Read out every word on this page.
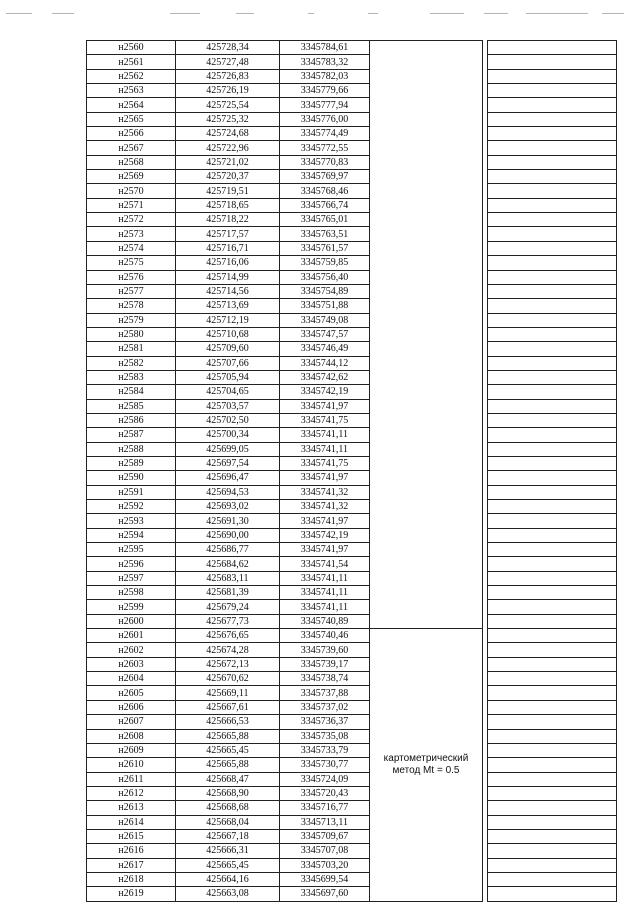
н2560	425728,34	3345784,61			
н2561	425727,48	3345783,32			
н2562	425726,83	3345782,03			
н2563	425726,19	3345779,66			
н2564	425725,54	3345777,94			
н2565	425725,32	3345776,00			
н2566	425724,68	3345774,49			
н2567	425722,96	3345772,55			
н2568	425721,02	3345770,83			
н2569	425720,37	3345769,97			
н2570	425719,51	3345768,46			
н2571	425718,65	3345766,74			
н2572	425718,22	3345765,01			
н2573	425717,57	3345763,51			
н2574	425716,71	3345761,57			
н2575	425716,06	3345759,85			
н2576	425714,99	3345756,40			
н2577	425714,56	3345754,89			
н2578	425713,69	3345751,88			
н2579	425712,19	3345749,08			
н2580	425710,68	3345747,57			
н2581	425709,60	3345746,49			
н2582	425707,66	3345744,12			
н2583	425705,94	3345742,62			
н2584	425704,65	3345742,19			
н2585	425703,57	3345741,97			
н2586	425702,50	3345741,75			
н2587	425700,34	3345741,11			
н2588	425699,05	3345741,11			
н2589	425697,54	3345741,75			
н2590	425696,47	3345741,97			
н2591	425694,53	3345741,32			
н2592	425693,02	3345741,32			
н2593	425691,30	3345741,97			
н2594	425690,00	3345742,19			
н2595	425686,77	3345741,97			
н2596	425684,62	3345741,54			
н2597	425683,11	3345741,11			
н2598	425681,39	3345741,11			
н2599	425679,24	3345741,11			
н2600	425677,73	3345740,89			
н2601	425676,65	3345740,46	картометрический метод Mt = 0.5		
н2602	425674,28	3345739,60			
н2603	425672,13	3345739,17			
н2604	425670,62	3345738,74			
н2605	425669,11	3345737,88			
н2606	425667,61	3345737,02			
н2607	425666,53	3345736,37			
н2608	425665,88	3345735,08			
н2609	425665,45	3345733,79			
н2610	425665,88	3345730,77			
н2611	425668,47	3345724,09			
н2612	425668,90	3345720,43			
н2613	425668,68	3345716,77			
н2614	425668,04	3345713,11			
н2615	425667,18	3345709,67			
н2616	425666,31	3345707,08			
н2617	425665,45	3345703,20			
н2618	425664,16	3345699,54			
н2619	425663,08	3345697,60			
